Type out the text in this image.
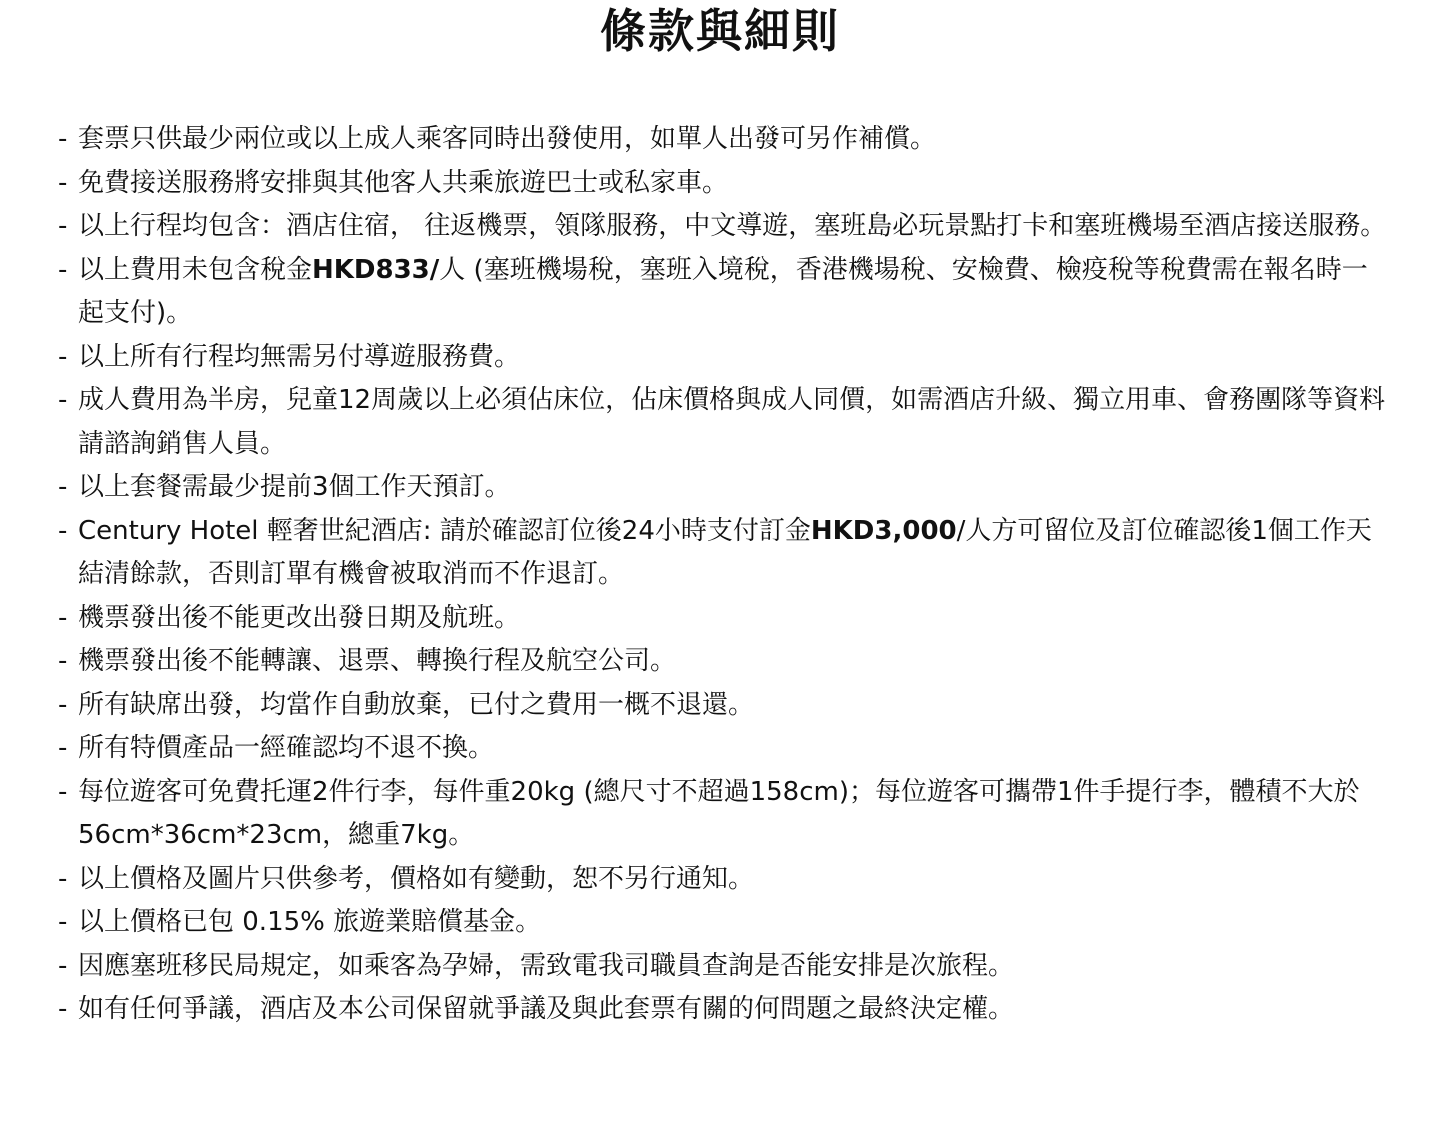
條款與細則
- 套票只供最少兩位或以上成人乘客同時出發使用，如單人出發可另作補償。
- 免費接送服務將安排與其他客人共乘旅遊巴士或私家車。
- 以上行程均包含：酒店住宿， 往返機票，領隊服務，中文導遊，塞班島必玩景點打卡和塞班機場至酒店接送服務。
- 以上費用未包含稅金HKD833/人 (塞班機場稅，塞班入境稅，香港機場稅、安檢費、檢疫稅等稅費需在報名時一起支付)。
- 以上所有行程均無需另付導遊服務費。
- 成人費用為半房，兒童12周歲以上必須佔床位，佔床價格與成人同價，如需酒店升級、獨立用車、會務團隊等資料請諮詢銷售人員。
- 以上套餐需最少提前3個工作天預訂。
- Century Hotel 輕奢世紀酒店: 請於確認訂位後24小時支付訂金HKD3,000/人方可留位及訂位確認後1個工作天結清餘款，否則訂單有機會被取消而不作退訂。
- 機票發出後不能更改出發日期及航班。
- 機票發出後不能轉讓、退票、轉換行程及航空公司。
- 所有缺席出發，均當作自動放棄，已付之費用一概不退還。
- 所有特價產品一經確認均不退不換。
- 每位遊客可免費托運2件行李，每件重20kg (總尺寸不超過158cm)；每位遊客可攜帶1件手提行李，體積不大於56cm*36cm*23cm，總重7kg。
- 以上價格及圖片只供參考，價格如有變動，恕不另行通知。
- 以上價格已包 0.15% 旅遊業賠償基金。
- 因應塞班移民局規定，如乘客為孕婦，需致電我司職員查詢是否能安排是次旅程。
- 如有任何爭議，酒店及本公司保留就爭議及與此套票有關的何問題之最終決定權。
